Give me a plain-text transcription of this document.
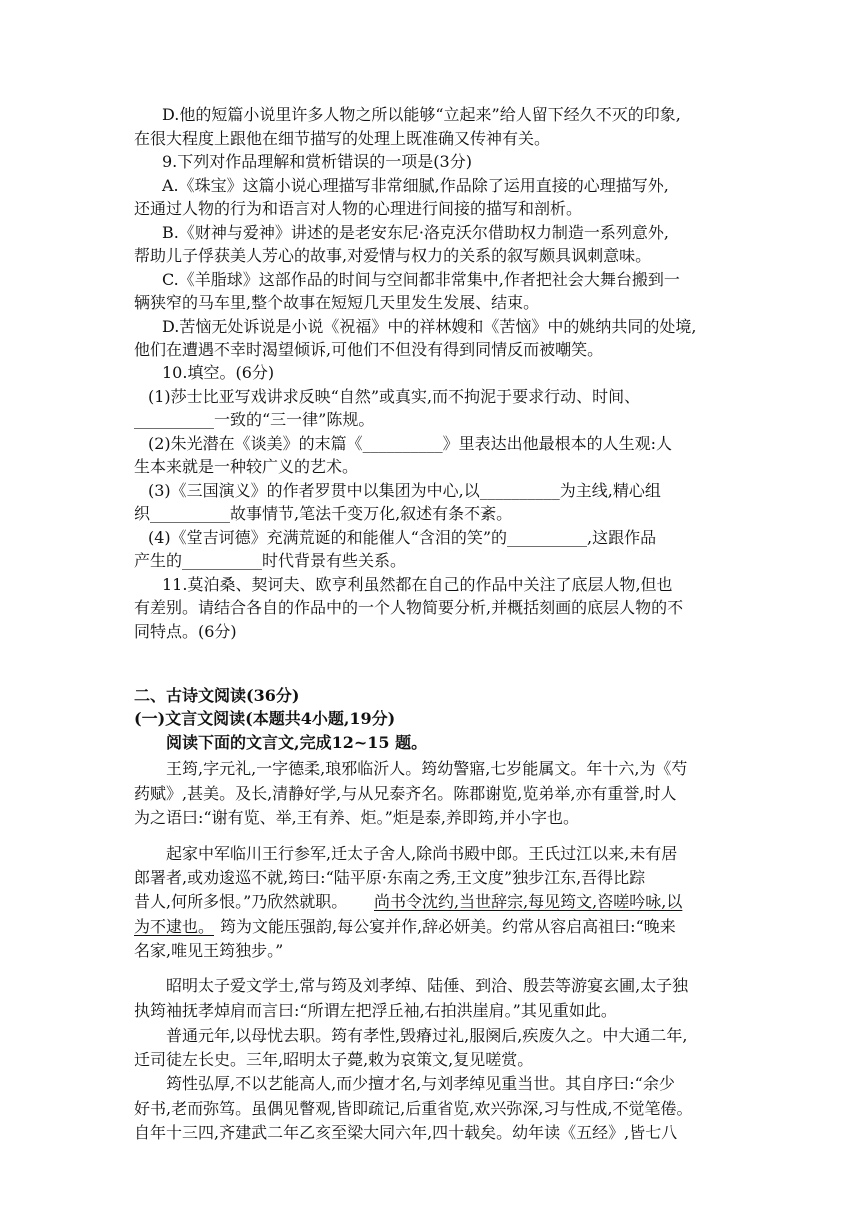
D.他的短篇小说里许多人物之所以能够“立起来”给人留下经久不灭的印象,
在很大程度上跟他在细节描写的处理上既准确又传神有关。
9.下列对作品理解和赏析错误的一项是(3分)
A.《珠宝》这篇小说心理描写非常细腻,作品除了运用直接的心理描写外,
还通过人物的行为和语言对人物的心理进行间接的描写和剖析。
B.《财神与爱神》讲述的是老安东尼·洛克沃尔借助权力制造一系列意外,
帮助儿子俘获美人芳心的故事,对爱情与权力的关系的叙写颇具讽刺意味。
C.《羊脂球》这部作品的时间与空间都非常集中,作者把社会大舞台搬到一
辆狭窄的马车里,整个故事在短短几天里发生发展、结束。
D.苦恼无处诉说是小说《祝福》中的祥林嫂和《苦恼》中的姚纳共同的处境,
他们在遭遇不幸时渴望倾诉,可他们不但没有得到同情反而被嘲笑。
10.填空。(6分)
(1)莎士比亚写戏讲求反映“自然”或真实,而不拘泥于要求行动、时间、
__________一致的“三一律”陈规。
(2)朱光潜在《谈美》的末篇《__________》里表达出他最根本的人生观:人
生本来就是一种较广义的艺术。
(3)《三国演义》的作者罗贯中以集团为中心,以__________为主线,精心组
织__________故事情节,笔法千变万化,叙述有条不紊。
(4)《堂吉诃德》充满荒诞的和能催人“含泪的笑”的__________,这跟作品
产生的__________时代背景有些关系。
11.莫泊桑、契诃夫、欧亨利虽然都在自己的作品中关注了底层人物,但也
有差别。请结合各自的作品中的一个人物简要分析,并概括刻画的底层人物的不
同特点。(6分)
二、古诗文阅读(36分)
(一)文言文阅读(本题共4小题,19分)
阅读下面的文言文,完成12~15 题。
王筠,字元礼,一字德柔,琅邪临沂人。筠幼警寤,七岁能属文。年十六,为《芍
药赋》,甚美。及长,清静好学,与从兄泰齐名。陈郡谢览,览弟举,亦有重誉,时人
为之语曰:“谢有览、举,王有养、炬。”炬是泰,养即筠,并小字也。
起家中军临川王行参军,迁太子舍人,除尚书殿中郎。王氏过江以来,未有居
郎署者,或劝逡巡不就,筠曰:“陆平原·东南之秀,王文度”独步江东,吾得比踪
昔人,何所多恨。”乃欣然就职。 尚书令沈约,当世辞宗,每见筠文,咨嗟吟咏,以
为不逮也。 筠为文能压强韵,每公宴并作,辞必妍美。约常从容启高祖曰:“晚来
名家,唯见王筠独步。”
昭明太子爱文学士,常与筠及刘孝绰、陆倕、到洽、殷芸等游宴玄圃,太子独
执筠袖抚孝焯肩而言曰:“所谓左把浮丘袖,右拍洪崖肩。”其见重如此。
普通元年,以母忧去职。筠有孝性,毁瘠过礼,服阕后,疾废久之。中大通二年,
迁司徒左长史。三年,昭明太子薨,敕为哀策文,复见嗟赏。
筠性弘厚,不以艺能高人,而少擅才名,与刘孝绰见重当世。其自序曰:“余少
好书,老而弥笃。虽偶见瞥观,皆即疏记,后重省览,欢兴弥深,习与性成,不觉笔倦。
自年十三四,齐建武二年乙亥至梁大同六年,四十载矣。幼年读《五经》,皆七八
